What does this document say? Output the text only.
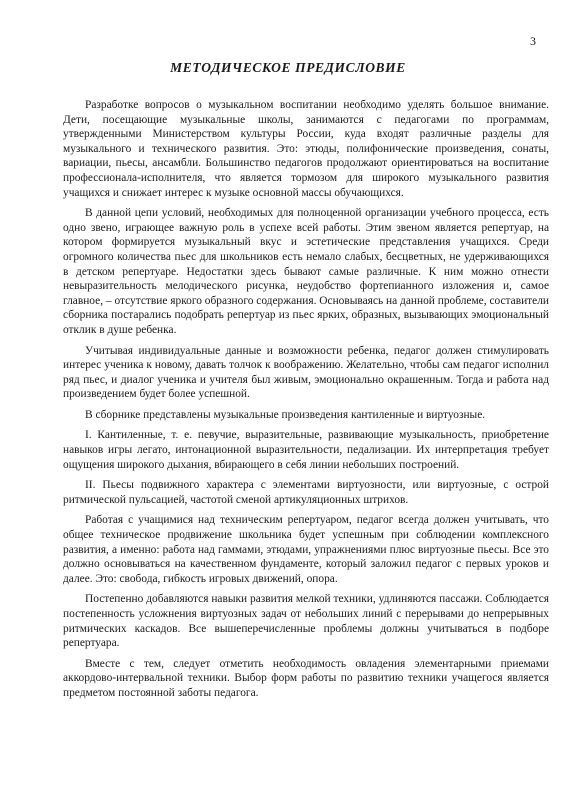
3
МЕТОДИЧЕСКОЕ ПРЕДИСЛОВИЕ

Разработке вопросов о музыкальном воспитании необходимо уделять большое внимание. Дети, посещающие музыкальные школы, занимаются с педагогами по программам, утвержденными Министерством культуры России, куда входят различные разделы для музыкального и технического развития. Это: этюды, полифонические произведения, сонаты, вариации, пьесы, ансамбли. Большинство педагогов продолжают ориентироваться на воспитание профессионала-исполнителя, что является тормозом для широкого музыкального развития учащихся и снижает интерес к музыке основной массы обучающихся.

В данной цепи условий, необходимых для полноценной организации учебного процесса, есть одно звено, играющее важную роль в успехе всей работы. Этим звеном является репертуар, на котором формируется музыкальный вкус и эстетические представления учащихся. Среди огромного количества пьес для школьников есть немало слабых, бесцветных, не удерживающихся в детском репертуаре. Недостатки здесь бывают самые различные. К ним можно отнести невыразительность мелодического рисунка, неудобство фортепианного изложения и, самое главное, – отсутствие яркого образного содержания. Основываясь на данной проблеме, составители сборника постарались подобрать репертуар из пьес ярких, образных, вызывающих эмоциональный отклик в душе ребенка.

Учитывая индивидуальные данные и возможности ребенка, педагог должен стимулировать интерес ученика к новому, давать толчок к воображению. Желательно, чтобы сам педагог исполнил ряд пьес, и диалог ученика и учителя был живым, эмоционально окрашенным. Тогда и работа над произведением будет более успешной.

В сборнике представлены музыкальные произведения кантиленные и виртуозные.

I. Кантиленные, т. е. певучие, выразительные, развивающие музыкальность, приобретение навыков игры легато, интонационной выразительности, педализации. Их интерпретация требует ощущения широкого дыхания, вбирающего в себя линии небольших построений.

II. Пьесы подвижного характера с элементами виртуозности, или виртуозные, с острой ритмической пульсацией, частотой сменой артикуляционных штрихов.

Работая с учащимися над техническим репертуаром, педагог всегда должен учитывать, что общее техническое продвижение школьника будет успешным при соблюдении комплексного развития, а именно: работа над гаммами, этюдами, упражнениями плюс виртуозные пьесы. Все это должно основываться на качественном фундаменте, который заложил педагог с первых уроков и далее. Это: свобода, гибкость игровых движений, опора.

Постепенно добавляются навыки развития мелкой техники, удлиняются пассажи. Соблюдается постепенность усложнения виртуозных задач от небольших линий с перерывами до непрерывных ритмических каскадов. Все вышеперечисленные проблемы должны учитываться в подборе репертуара.

Вместе с тем, следует отметить необходимость овладения элементарными приемами аккордово-интервальной техники. Выбор форм работы по развитию техники учащегося является предметом постоянной заботы педагога.
